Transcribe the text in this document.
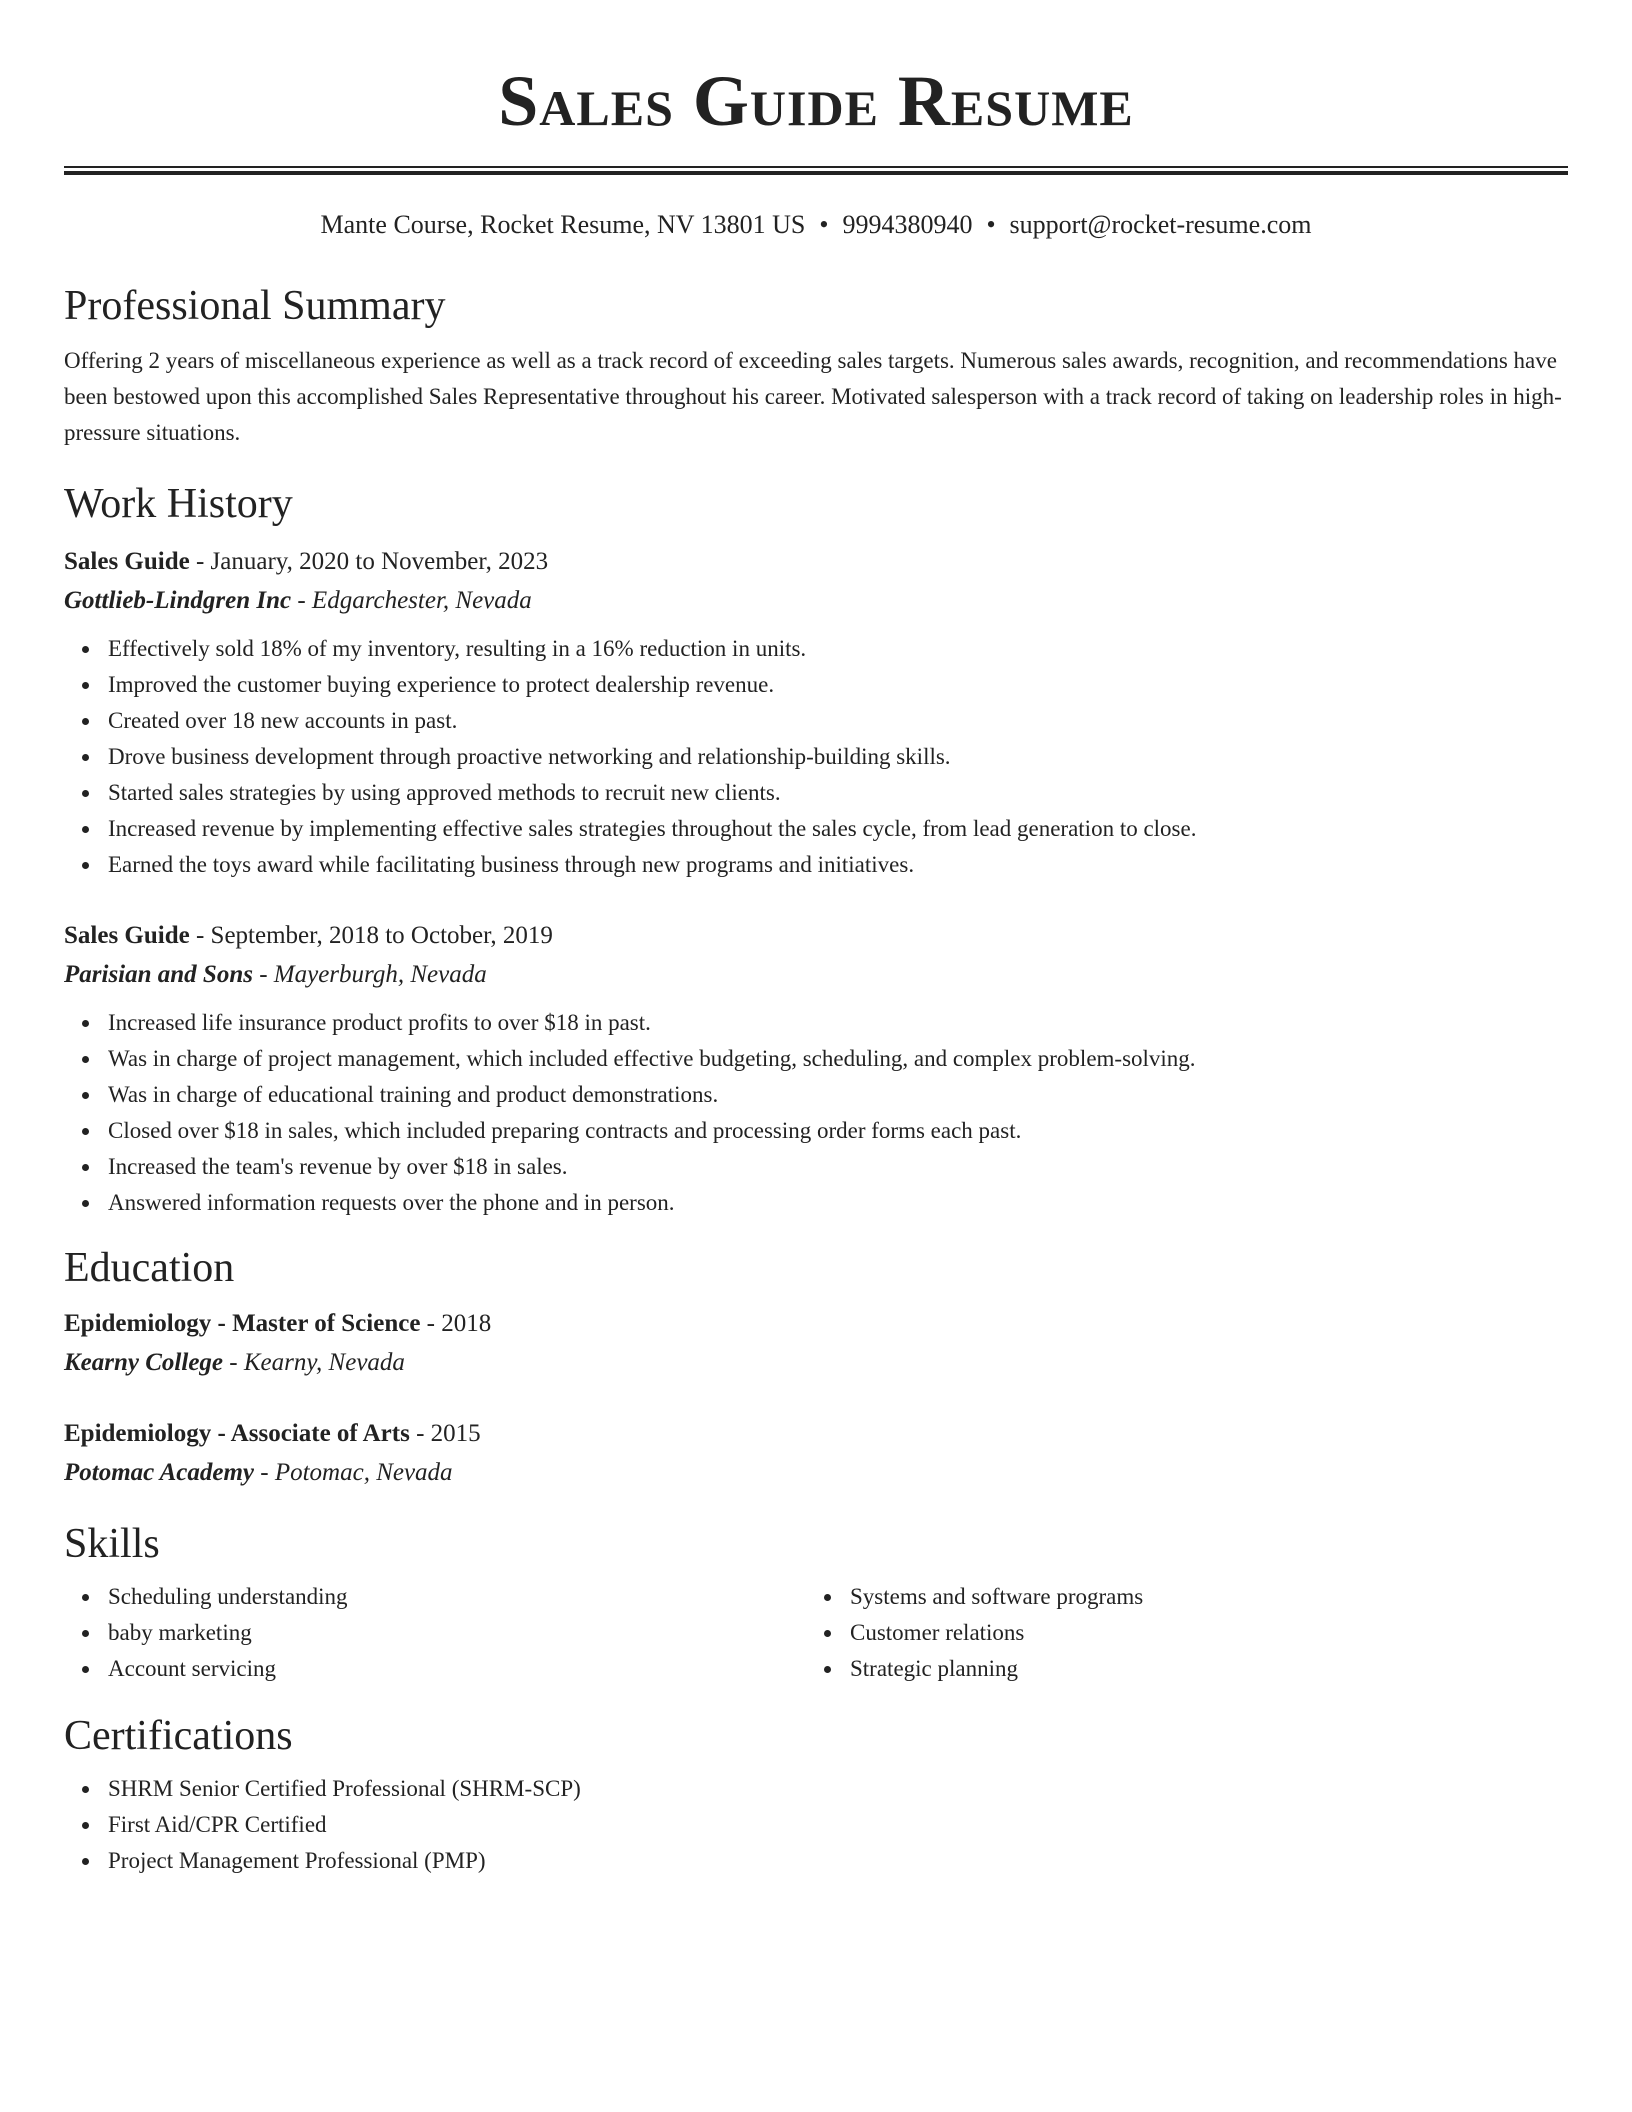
Sales Guide Resume
Mante Course, Rocket Resume, NV 13801 US • 9994380940 • support@rocket-resume.com
Professional Summary

Offering 2 years of miscellaneous experience as well as a track record of exceeding sales targets. Numerous sales awards, recognition, and recommendations have been bestowed upon this accomplished Sales Representative throughout his career. Motivated salesperson with a track record of taking on leadership roles in high-pressure situations.

Work History
Sales Guide - January, 2020 to November, 2023
Gottlieb-Lindgren Inc - Edgarchester, Nevada
Effectively sold 18% of my inventory, resulting in a 16% reduction in units.
Improved the customer buying experience to protect dealership revenue.
Created over 18 new accounts in past.
Drove business development through proactive networking and relationship-building skills.
Started sales strategies by using approved methods to recruit new clients.
Increased revenue by implementing effective sales strategies throughout the sales cycle, from lead generation to close.
Earned the toys award while facilitating business through new programs and initiatives.
Sales Guide - September, 2018 to October, 2019
Parisian and Sons - Mayerburgh, Nevada
Increased life insurance product profits to over $18 in past.
Was in charge of project management, which included effective budgeting, scheduling, and complex problem-solving.
Was in charge of educational training and product demonstrations.
Closed over $18 in sales, which included preparing contracts and processing order forms each past.
Increased the team's revenue by over $18 in sales.
Answered information requests over the phone and in person.
Education
Epidemiology - Master of Science - 2018
Kearny College - Kearny, Nevada
Epidemiology - Associate of Arts - 2015
Potomac Academy - Potomac, Nevada
Skills
Scheduling understanding
baby marketing
Account servicing
Systems and software programs
Customer relations
Strategic planning
Certifications
SHRM Senior Certified Professional (SHRM-SCP)
First Aid/CPR Certified
Project Management Professional (PMP)
